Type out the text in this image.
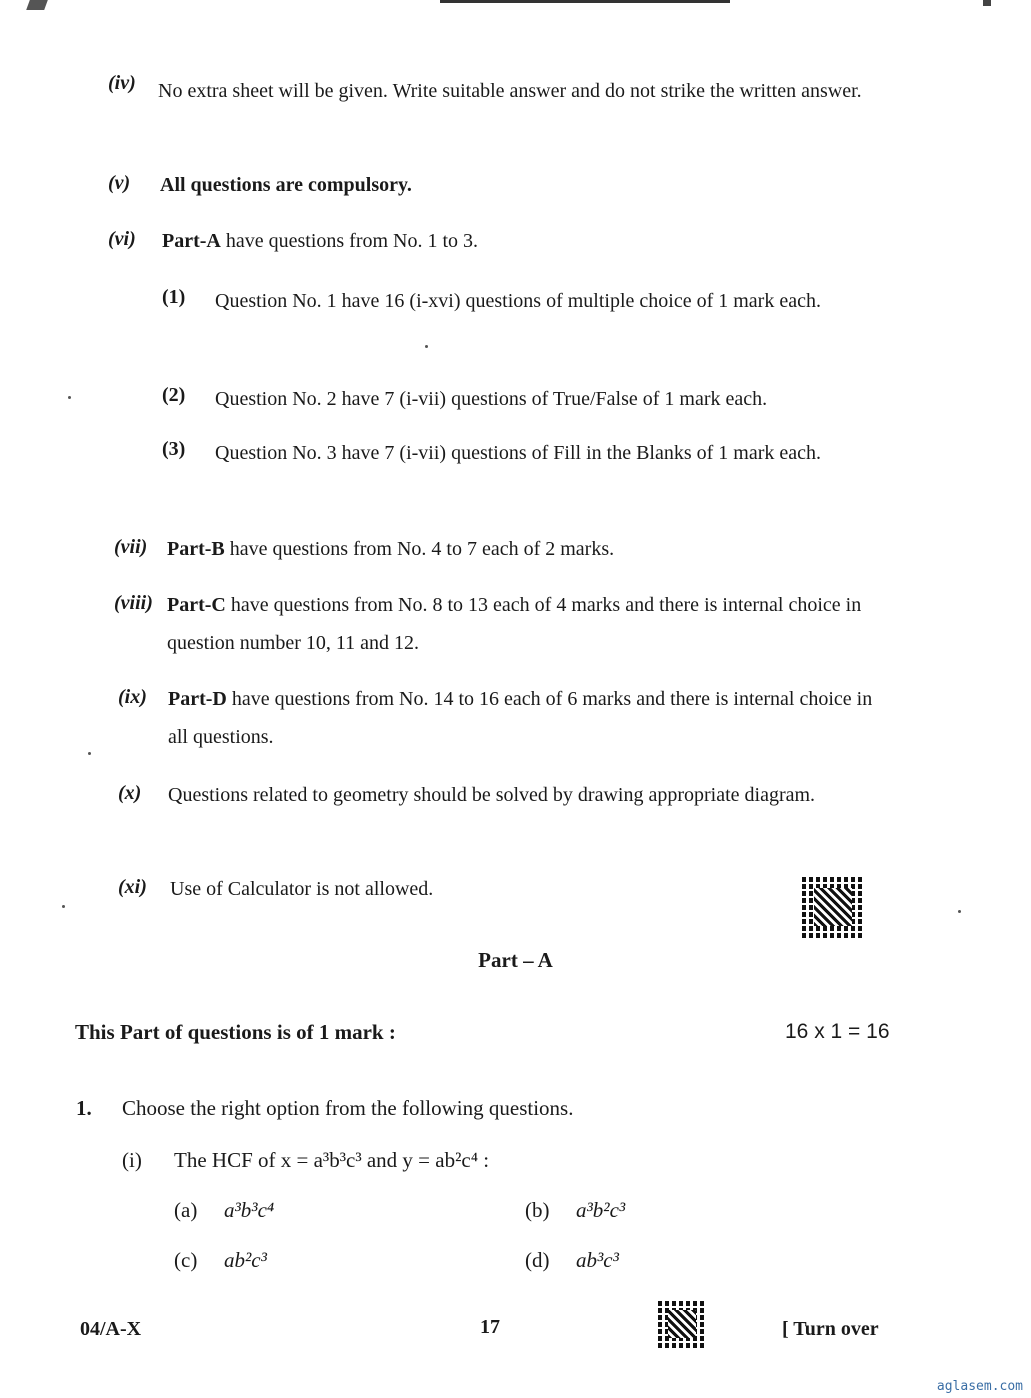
(iv) No extra sheet will be given. Write suitable answer and do not strike the written answer.
(v) All questions are compulsory.
(vi) Part-A have questions from No. 1 to 3.
(1) Question No. 1 have 16 (i-xvi) questions of multiple choice of 1 mark each.
(2) Question No. 2 have 7 (i-vii) questions of True/False of 1 mark each.
(3) Question No. 3 have 7 (i-vii) questions of Fill in the Blanks of 1 mark each.
(vii) Part-B have questions from No. 4 to 7 each of 2 marks.
(viii) Part-C have questions from No. 8 to 13 each of 4 marks and there is internal choice in question number 10, 11 and 12.
(ix) Part-D have questions from No. 14 to 16 each of 6 marks and there is internal choice in all questions.
(x) Questions related to geometry should be solved by drawing appropriate diagram.
(xi) Use of Calculator is not allowed.
Part – A
This Part of questions is of 1 mark :	16 x 1 = 16
1. Choose the right option from the following questions.
(i) The HCF of x = a³b³c³ and y = ab²c⁴ :
(a) a³b³c⁴	(b) a³b²c³
(c) ab²c³	(d) ab³c³
04/A-X	17	[ Turn over
aglasem.com
